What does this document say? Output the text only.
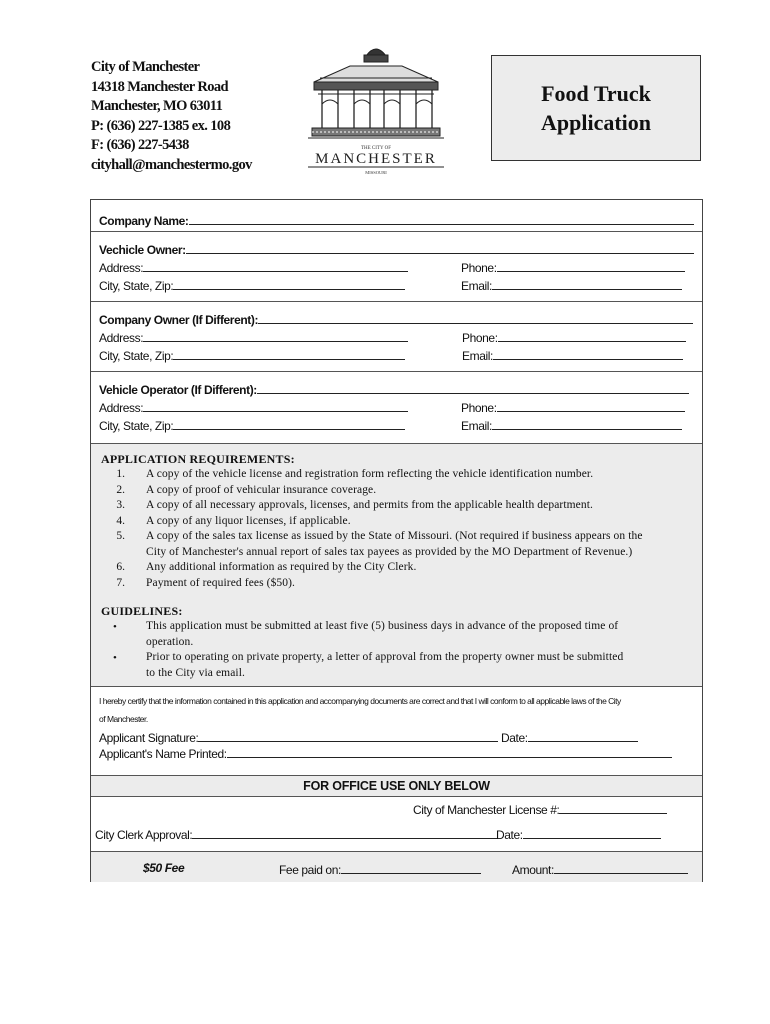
City of Manchester
14318 Manchester Road
Manchester, MO 63011
P: (636) 227-1385 ex. 108
F: (636) 227-5438
cityhall@manchestermo.gov
THE CITY OF
MANCHESTER
MISSOURI
Food Truck
Application
Company Name:
Vechicle Owner:
Address:	Phone:
City, State, Zip:	Email:
Company Owner (If Different):
Address:	Phone:
City, State, Zip:	Email:
Vehicle Operator (If Different):
Address:	Phone:
City, State, Zip:	Email:
APPLICATION REQUIREMENTS:
1. A copy of the vehicle license and registration form reflecting the vehicle identification number.
2. A copy of proof of vehicular insurance coverage.
3. A copy of all necessary approvals, licenses, and permits from the applicable health department.
4. A copy of any liquor licenses, if applicable.
5. A copy of the sales tax license as issued by the State of Missouri. (Not required if business appears on the
City of Manchester's annual report of sales tax payees as provided by the MO Department of Revenue.)
6. Any additional information as required by the City Clerk.
7. Payment of required fees ($50).
GUIDELINES:
•	This application must be submitted at least five (5) business days in advance of the proposed time of
operation.
•	Prior to operating on private property, a letter of approval from the property owner must be submitted
to the City via email.
I hereby certify that the information contained in this application and accompanying documents are correct and that I will conform to all applicable laws of the City
of Manchester.
Applicant Signature:	Date:
Applicant's Name Printed:
FOR OFFICE USE ONLY BELOW
City of Manchester License #:
City Clerk Approval:	Date:
$50 Fee	Fee paid on:	Amount:
